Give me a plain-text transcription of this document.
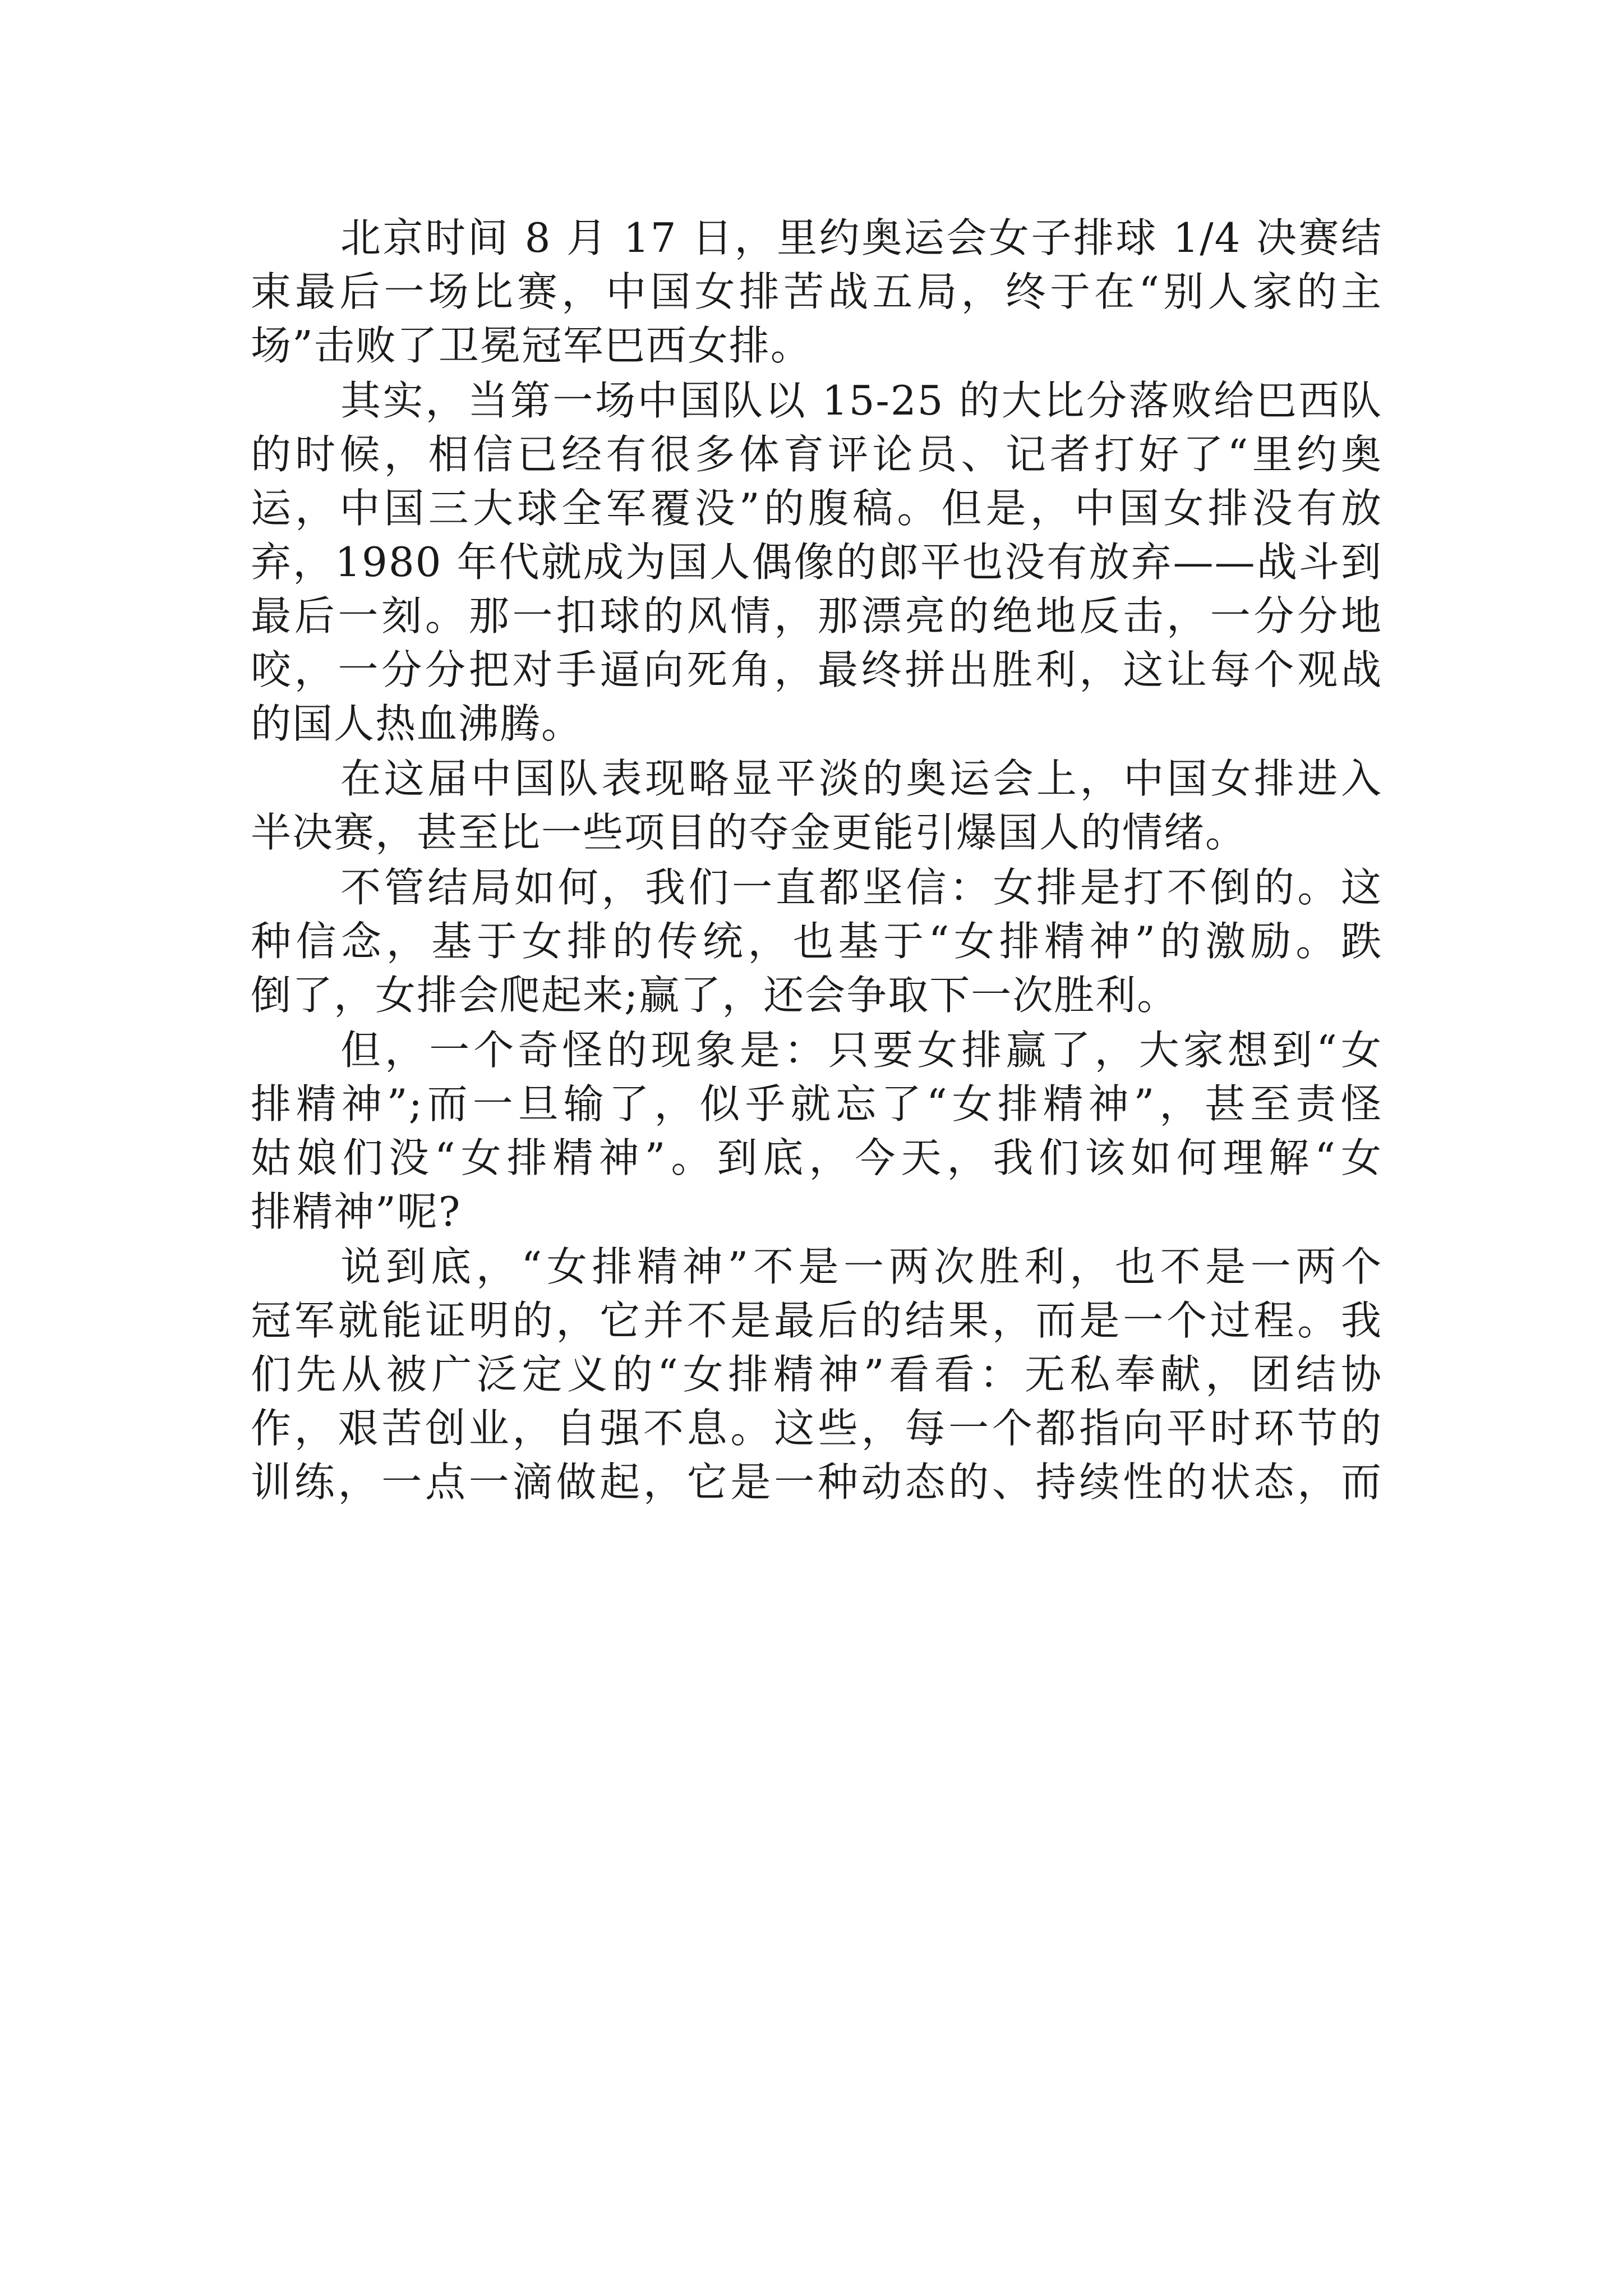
北京时间 8 月 17 日，里约奥运会女子排球 1/4 决赛结
束最后一场比赛，中国女排苦战五局，终于在“别人家的主
场”击败了卫冕冠军巴西女排。

其实，当第一场中国队以 15-25 的大比分落败给巴西队
的时候，相信已经有很多体育评论员、记者打好了“里约奥
运，中国三大球全军覆没”的腹稿。但是，中国女排没有放
弃，1980 年代就成为国人偶像的郎平也没有放弃——战斗到
最后一刻。那一扣球的风情，那漂亮的绝地反击，一分分地
咬，一分分把对手逼向死角，最终拼出胜利，这让每个观战
的国人热血沸腾。

在这届中国队表现略显平淡的奥运会上，中国女排进入
半决赛，甚至比一些项目的夺金更能引爆国人的情绪。

不管结局如何，我们一直都坚信：女排是打不倒的。这
种信念，基于女排的传统，也基于“女排精神”的激励。跌
倒了，女排会爬起来;赢了，还会争取下一次胜利。

但，一个奇怪的现象是：只要女排赢了，大家想到“女
排精神”;而一旦输了，似乎就忘了“女排精神”，甚至责怪
姑娘们没“女排精神”。到底，今天，我们该如何理解“女
排精神”呢?

说到底，“女排精神”不是一两次胜利，也不是一两个
冠军就能证明的，它并不是最后的结果，而是一个过程。我
们先从被广泛定义的“女排精神”看看：无私奉献，团结协
作，艰苦创业，自强不息。这些，每一个都指向平时环节的
训练，一点一滴做起，它是一种动态的、持续性的状态，而
